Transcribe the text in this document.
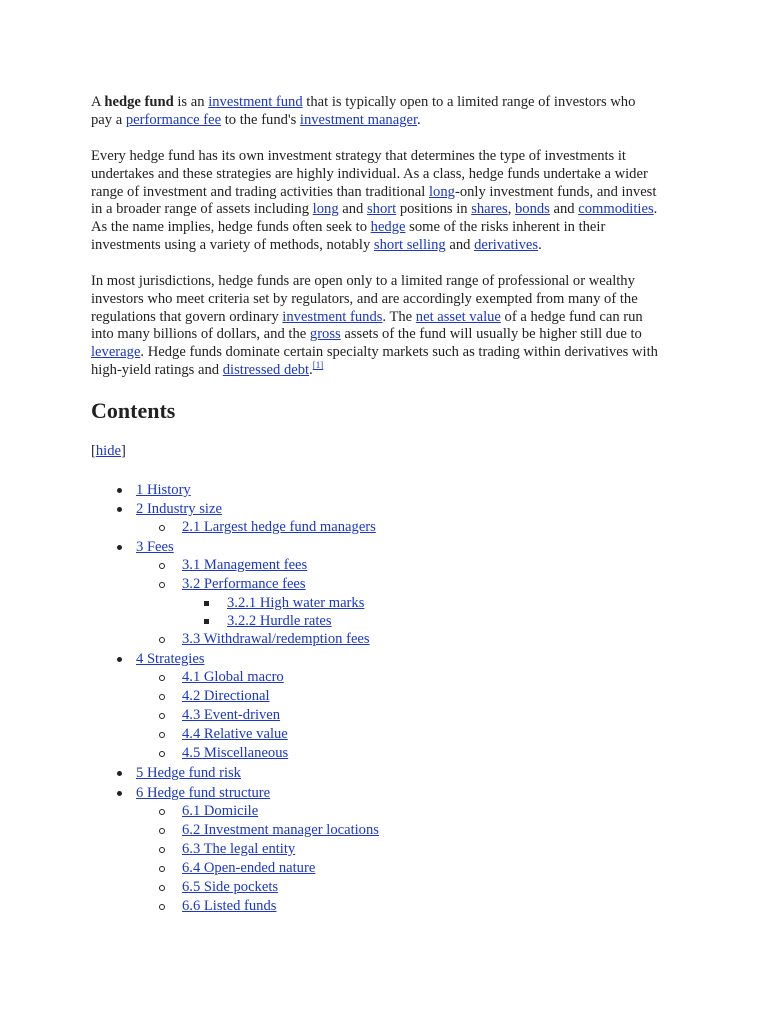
A hedge fund is an investment fund that is typically open to a limited range of investors who
pay a performance fee to the fund's investment manager.

Every hedge fund has its own investment strategy that determines the type of investments it
undertakes and these strategies are highly individual. As a class, hedge funds undertake a wider
range of investment and trading activities than traditional long-only investment funds, and invest
in a broader range of assets including long and short positions in shares, bonds and commodities.
As the name implies, hedge funds often seek to hedge some of the risks inherent in their
investments using a variety of methods, notably short selling and derivatives.

In most jurisdictions, hedge funds are open only to a limited range of professional or wealthy
investors who meet criteria set by regulators, and are accordingly exempted from many of the
regulations that govern ordinary investment funds. The net asset value of a hedge fund can run
into many billions of dollars, and the gross assets of the fund will usually be higher still due to
leverage. Hedge funds dominate certain specialty markets such as trading within derivatives with
high-yield ratings and distressed debt.[1]

Contents
[hide]
1 History
2 Industry size
2.1 Largest hedge fund managers
3 Fees
3.1 Management fees
3.2 Performance fees
3.2.1 High water marks
3.2.2 Hurdle rates
3.3 Withdrawal/redemption fees
4 Strategies
4.1 Global macro
4.2 Directional
4.3 Event-driven
4.4 Relative value
4.5 Miscellaneous
5 Hedge fund risk
6 Hedge fund structure
6.1 Domicile
6.2 Investment manager locations
6.3 The legal entity
6.4 Open-ended nature
6.5 Side pockets
6.6 Listed funds
